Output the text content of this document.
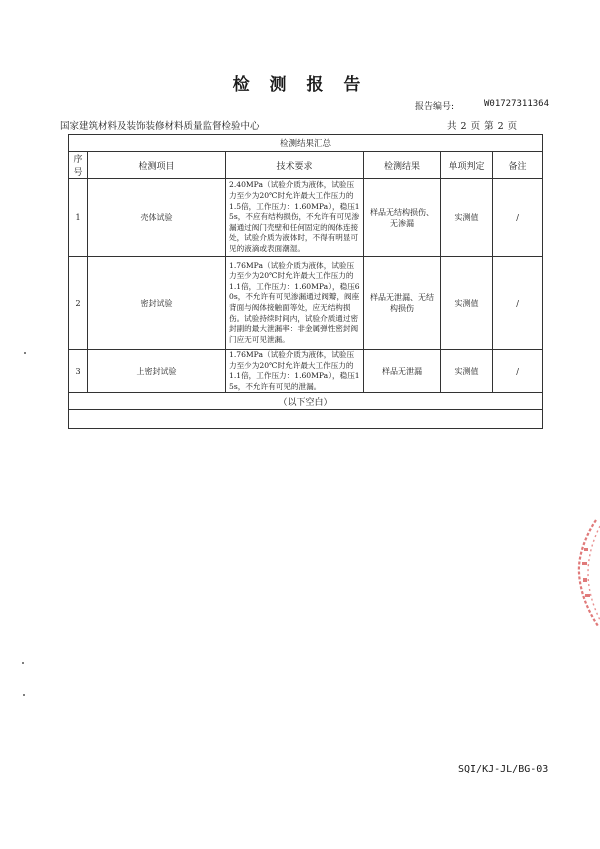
检 测 报 告
报告编号:	W01727311364
国家建筑材料及装饰装修材料质量监督检验中心	共 2 页 第 2 页
检测结果汇总					
序号	检测项目	技术要求	检测结果	单项判定	备注
1	壳体试验	2.40MPa（试验介质为液体，试验压力至少为20℃时允许最大工作压力的1.5倍，工作压力：1.60MPa），稳压15s，不应有结构损伤，不允许有可见渗漏通过阀门壳壁和任何固定的阀体连接处，试验介质为液体时，不得有明显可见的液滴或表面潮湿。	样品无结构损伤、无渗漏	实测值	/
2	密封试验	1.76MPa（试验介质为液体，试验压力至少为20℃时允许最大工作压力的1.1倍，工作压力：1.60MPa），稳压60s，不允许有可见渗漏通过阀瓣，阀座背面与阀体接触面等处，应无结构损伤。试验持续时间内，试验介质通过密封副的最大泄漏率：非金属弹性密封阀门应无可见泄漏。	样品无泄漏、无结构损伤	实测值	/
3	上密封试验	1.76MPa（试验介质为液体，试验压力至少为20℃时允许最大工作压力的1.1倍，工作压力：1.60MPa），稳压15s，不允许有可见的泄漏。	样品无泄漏	实测值	/
（以下空白）					

SQI/KJ-JL/BG-03
